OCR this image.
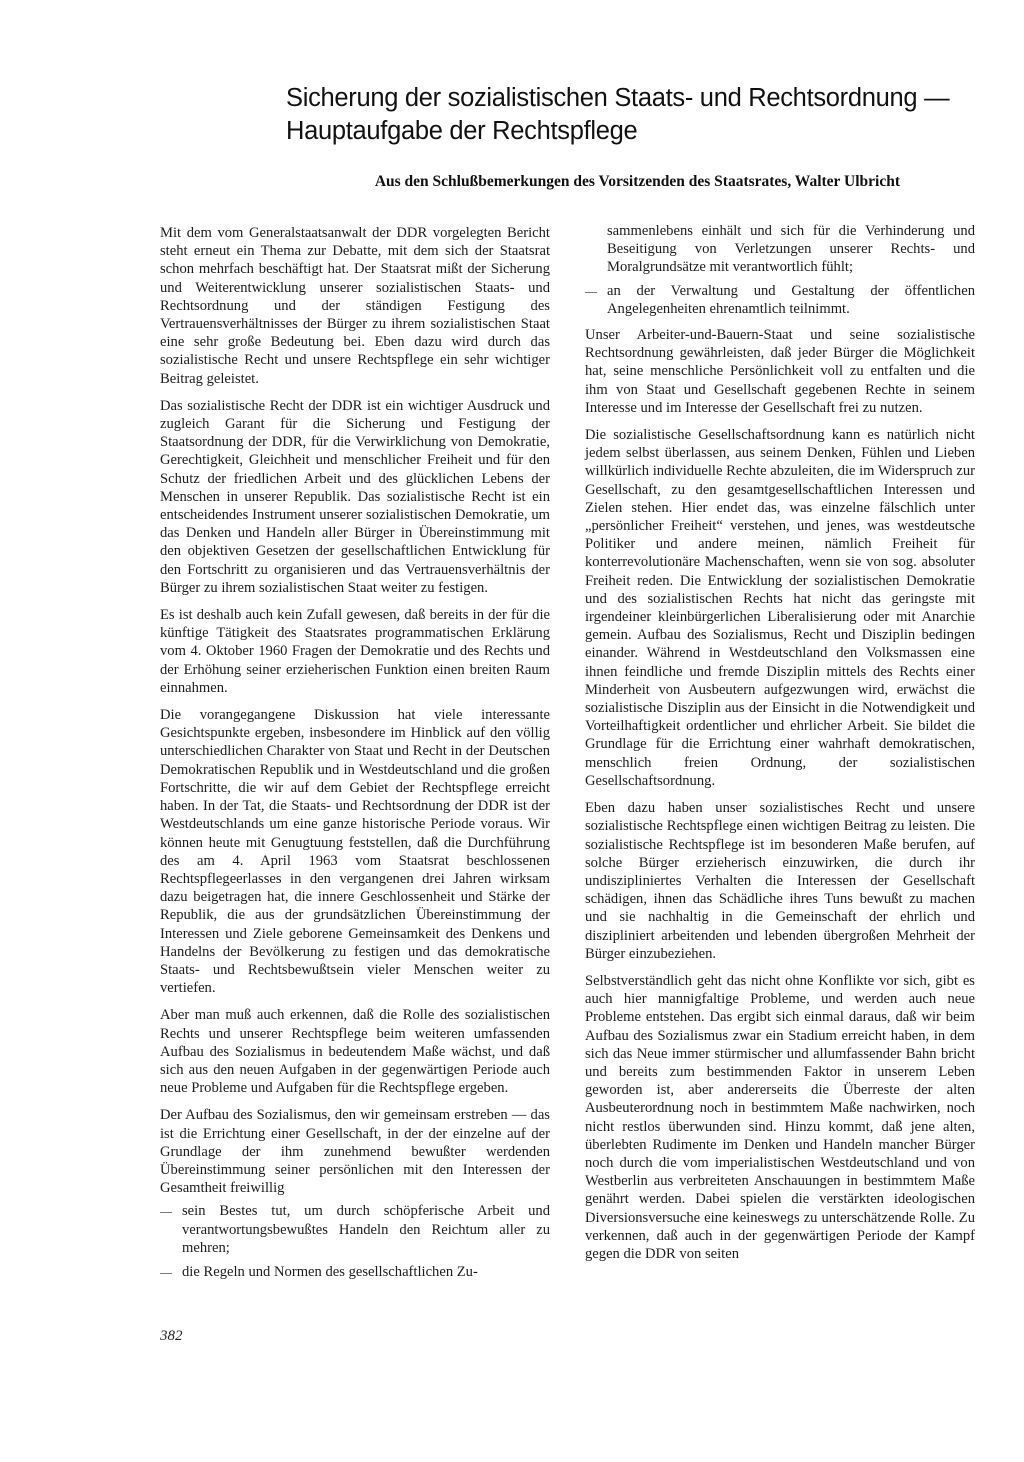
Sicherung der sozialistischen Staats- und Rechtsordnung —
Hauptaufgabe der Rechtspflege
Aus den Schlußbemerkungen des Vorsitzenden des Staatsrates, Walter Ulbricht

Mit dem vom Generalstaatsanwalt der DDR vorgelegten Bericht steht erneut ein Thema zur Debatte, mit dem sich der Staatsrat schon mehrfach beschäftigt hat. Der Staatsrat mißt der Sicherung und Weiterentwicklung unserer sozialistischen Staats- und Rechtsordnung und der ständigen Festigung des Vertrauensverhältnisses der Bürger zu ihrem sozialistischen Staat eine sehr große Bedeutung bei. Eben dazu wird durch das sozialistische Recht und unsere Rechtspflege ein sehr wichtiger Beitrag geleistet.

Das sozialistische Recht der DDR ist ein wichtiger Ausdruck und zugleich Garant für die Sicherung und Festigung der Staatsordnung der DDR, für die Verwirklichung von Demokratie, Gerechtigkeit, Gleichheit und menschlicher Freiheit und für den Schutz der friedlichen Arbeit und des glücklichen Lebens der Menschen in unserer Republik. Das sozialistische Recht ist ein entscheidendes Instrument unserer sozialistischen Demokratie, um das Denken und Handeln aller Bürger in Übereinstimmung mit den objektiven Gesetzen der gesellschaftlichen Entwicklung für den Fortschritt zu organisieren und das Vertrauensverhältnis der Bürger zu ihrem sozialistischen Staat weiter zu festigen.

Es ist deshalb auch kein Zufall gewesen, daß bereits in der für die künftige Tätigkeit des Staatsrates programmatischen Erklärung vom 4. Oktober 1960 Fragen der Demokratie und des Rechts und der Erhöhung seiner erzieherischen Funktion einen breiten Raum einnahmen.

Die vorangegangene Diskussion hat viele interessante Gesichtspunkte ergeben, insbesondere im Hinblick auf den völlig unterschiedlichen Charakter von Staat und Recht in der Deutschen Demokratischen Republik und in Westdeutschland und die großen Fortschritte, die wir auf dem Gebiet der Rechtspflege erreicht haben. In der Tat, die Staats- und Rechtsordnung der DDR ist der Westdeutschlands um eine ganze historische Periode voraus. Wir können heute mit Genugtuung feststellen, daß die Durchführung des am 4. April 1963 vom Staatsrat beschlossenen Rechtspflegeerlasses in den vergangenen drei Jahren wirksam dazu beigetragen hat, die innere Geschlossenheit und Stärke der Republik, die aus der grundsätzlichen Übereinstimmung der Interessen und Ziele geborene Gemeinsamkeit des Denkens und Handelns der Bevölkerung zu festigen und das demokratische Staats- und Rechtsbewußtsein vieler Menschen weiter zu vertiefen.

Aber man muß auch erkennen, daß die Rolle des sozialistischen Rechts und unserer Rechtspflege beim weiteren umfassenden Aufbau des Sozialismus in bedeutendem Maße wächst, und daß sich aus den neuen Aufgaben in der gegenwärtigen Periode auch neue Probleme und Aufgaben für die Rechtspflege ergeben.

Der Aufbau des Sozialismus, den wir gemeinsam erstreben — das ist die Errichtung einer Gesellschaft, in der der einzelne auf der Grundlage der ihm zunehmend bewußter werdenden Übereinstimmung seiner persönlichen mit den Interessen der Gesamtheit freiwillig

— sein Bestes tut, um durch schöpferische Arbeit und verantwortungsbewußtes Handeln den Reichtum aller zu mehren;
— die Regeln und Normen des gesellschaftlichen Zu-

sammenlebens einhält und sich für die Verhinderung und Beseitigung von Verletzungen unserer Rechts- und Moralgrundsätze mit verantwortlich fühlt;

— an der Verwaltung und Gestaltung der öffentlichen Angelegenheiten ehrenamtlich teilnimmt.

Unser Arbeiter-und-Bauern-Staat und seine sozialistische Rechtsordnung gewährleisten, daß jeder Bürger die Möglichkeit hat, seine menschliche Persönlichkeit voll zu entfalten und die ihm von Staat und Gesellschaft gegebenen Rechte in seinem Interesse und im Interesse der Gesellschaft frei zu nutzen.

Die sozialistische Gesellschaftsordnung kann es natürlich nicht jedem selbst überlassen, aus seinem Denken, Fühlen und Lieben willkürlich individuelle Rechte abzuleiten, die im Widerspruch zur Gesellschaft, zu den gesamtgesellschaftlichen Interessen und Zielen stehen. Hier endet das, was einzelne fälschlich unter „persönlicher Freiheit“ verstehen, und jenes, was westdeutsche Politiker und andere meinen, nämlich Freiheit für konterrevolutionäre Machenschaften, wenn sie von sog. absoluter Freiheit reden. Die Entwicklung der sozialistischen Demokratie und des sozialistischen Rechts hat nicht das geringste mit irgendeiner kleinbürgerlichen Liberalisierung oder mit Anarchie gemein. Aufbau des Sozialismus, Recht und Disziplin bedingen einander. Während in Westdeutschland den Volksmassen eine ihnen feindliche und fremde Disziplin mittels des Rechts einer Minderheit von Ausbeutern aufgezwungen wird, erwächst die sozialistische Disziplin aus der Einsicht in die Notwendigkeit und Vorteilhaftigkeit ordentlicher und ehrlicher Arbeit. Sie bildet die Grundlage für die Errichtung einer wahrhaft demokratischen, menschlich freien Ordnung, der sozialistischen Gesellschaftsordnung.

Eben dazu haben unser sozialistisches Recht und unsere sozialistische Rechtspflege einen wichtigen Beitrag zu leisten. Die sozialistische Rechtspflege ist im besonderen Maße berufen, auf solche Bürger erzieherisch einzuwirken, die durch ihr undiszipliniertes Verhalten die Interessen der Gesellschaft schädigen, ihnen das Schädliche ihres Tuns bewußt zu machen und sie nachhaltig in die Gemeinschaft der ehrlich und diszipliniert arbeitenden und lebenden übergroßen Mehrheit der Bürger einzubeziehen.

Selbstverständlich geht das nicht ohne Konflikte vor sich, gibt es auch hier mannigfaltige Probleme, und werden auch neue Probleme entstehen. Das ergibt sich einmal daraus, daß wir beim Aufbau des Sozialismus zwar ein Stadium erreicht haben, in dem sich das Neue immer stürmischer und allumfassender Bahn bricht und bereits zum bestimmenden Faktor in unserem Leben geworden ist, aber andererseits die Überreste der alten Ausbeuterordnung noch in bestimmtem Maße nachwirken, noch nicht restlos überwunden sind. Hinzu kommt, daß jene alten, überlebten Rudimente im Denken und Handeln mancher Bürger noch durch die vom imperialistischen Westdeutschland und von Westberlin aus verbreiteten Anschauungen in bestimmtem Maße genährt werden. Dabei spielen die verstärkten ideologischen Diversionsversuche eine keineswegs zu unterschätzende Rolle. Zu verkennen, daß auch in der gegenwärtigen Periode der Kampf gegen die DDR von seiten

382
